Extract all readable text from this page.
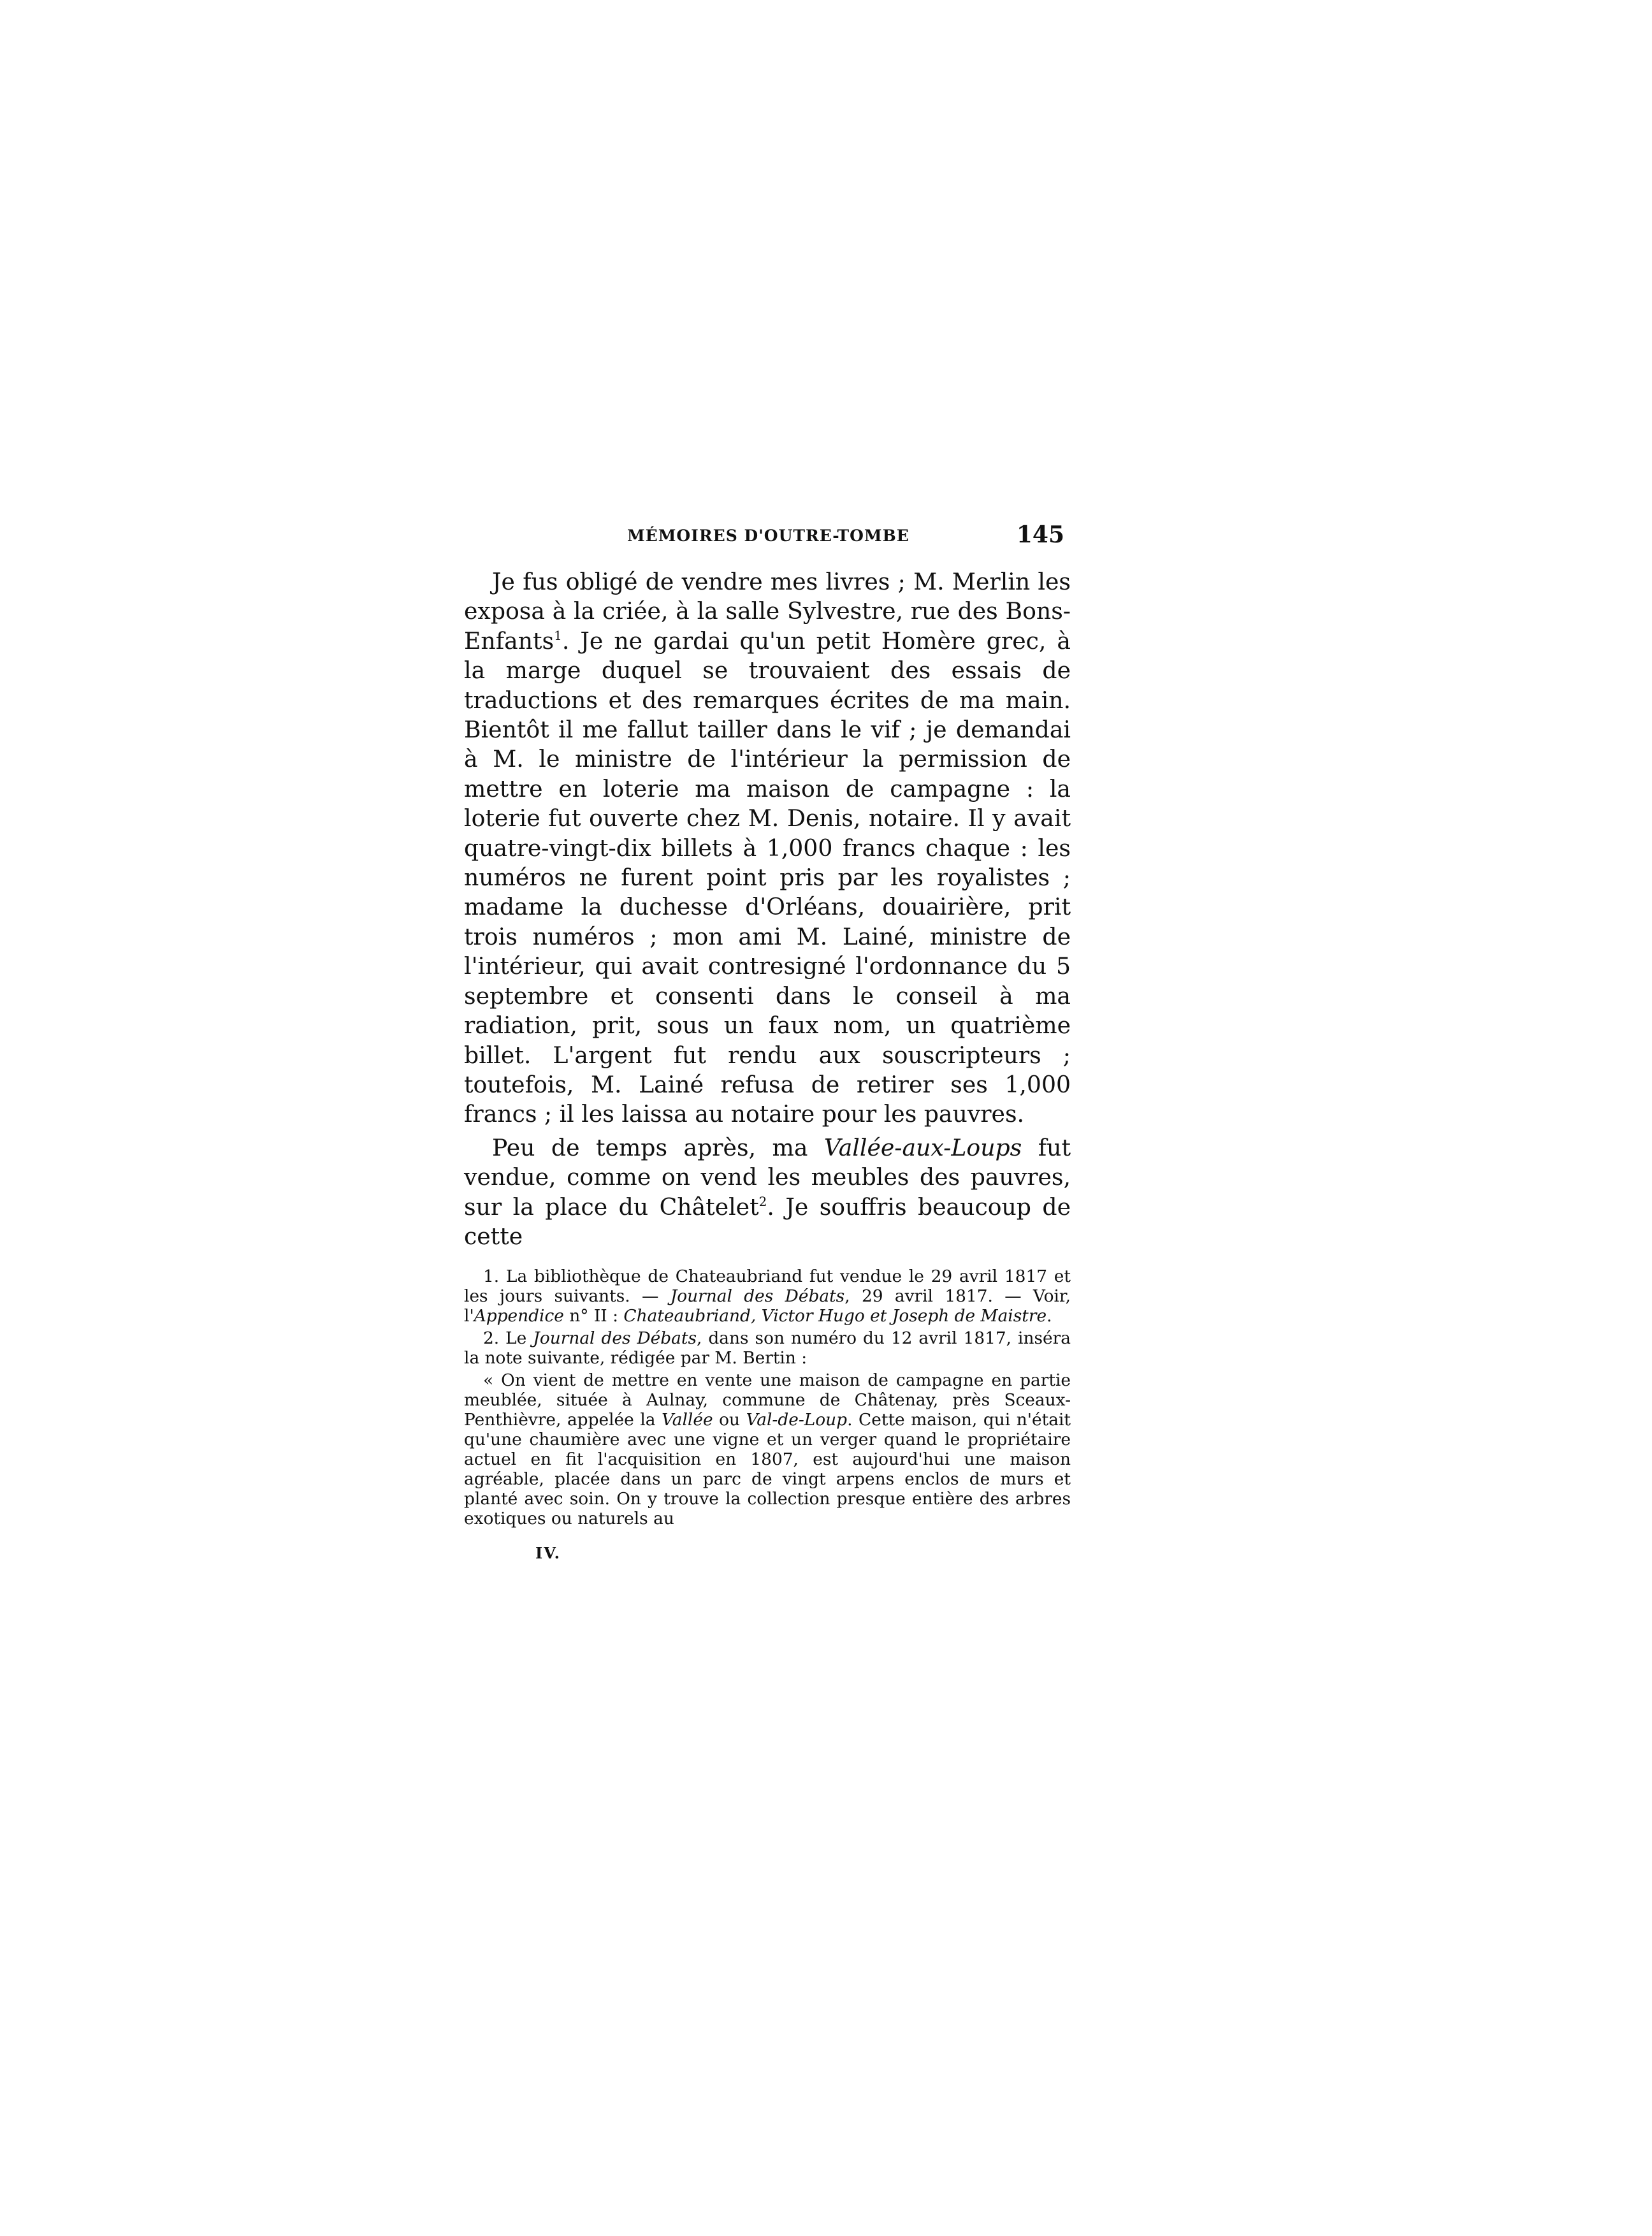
MÉMOIRES D'OUTRE-TOMBE	145

Je fus obligé de vendre mes livres ; M. Merlin les exposa à la criée, à la salle Sylvestre, rue des Bons-Enfants$^1$. Je ne gardai qu'un petit Homère grec, à la marge duquel se trouvaient des essais de traductions et des remarques écrites de ma main. Bientôt il me fallut tailler dans le vif ; je demandai à M. le ministre de l'intérieur la permission de mettre en loterie ma maison de campagne : la loterie fut ouverte chez M. Denis, notaire. Il y avait quatre-vingt-dix billets à 1,000 francs chaque : les numéros ne furent point pris par les royalistes ; madame la duchesse d'Orléans, douairière, prit trois numéros ; mon ami M. Lainé, ministre de l'intérieur, qui avait contresigné l'ordonnance du 5 septembre et consenti dans le conseil à ma radiation, prit, sous un faux nom, un quatrième billet. L'argent fut rendu aux souscripteurs ; toutefois, M. Lainé refusa de retirer ses 1,000 francs ; il les laissa au notaire pour les pauvres.

Peu de temps après, ma Vallée-aux-Loups fut vendue, comme on vend les meubles des pauvres, sur la place du Châtelet$^2$. Je souffris beaucoup de cette

1. La bibliothèque de Chateaubriand fut vendue le 29 avril 1817 et les jours suivants. — Journal des Débats, 29 avril 1817. — Voir, l'Appendice n° II : Chateaubriand, Victor Hugo et Joseph de Maistre.

2. Le Journal des Débats, dans son numéro du 12 avril 1817, inséra la note suivante, rédigée par M. Bertin :

« On vient de mettre en vente une maison de campagne en partie meublée, située à Aulnay, commune de Châtenay, près Sceaux-Penthièvre, appelée la Vallée ou Val-de-Loup. Cette maison, qui n'était qu'une chaumière avec une vigne et un verger quand le propriétaire actuel en fit l'acquisition en 1807, est aujourd'hui une maison agréable, placée dans un parc de vingt arpens enclos de murs et planté avec soin. On y trouve la collection presque entière des arbres exotiques ou naturels au

IV.
